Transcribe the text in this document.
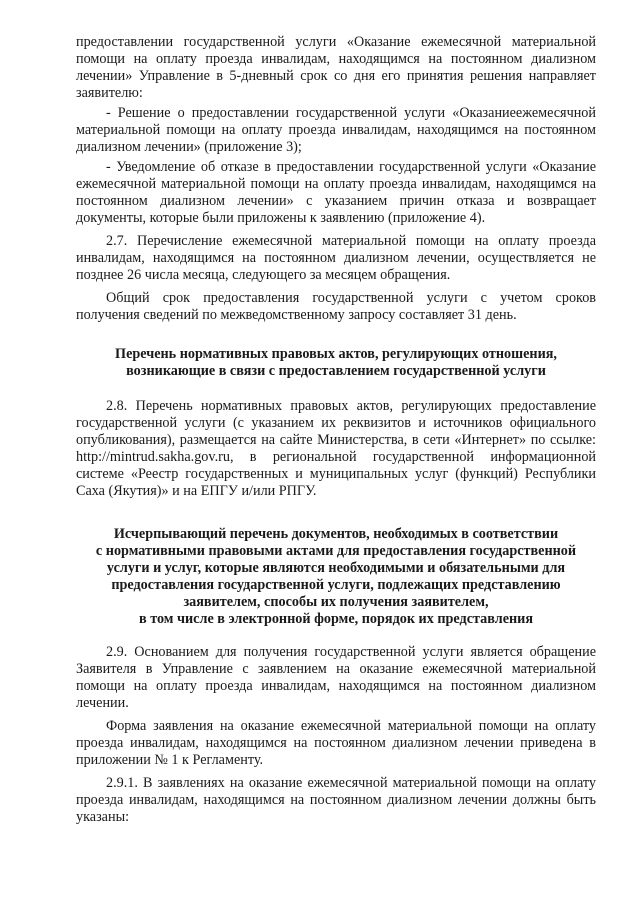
предоставлении государственной услуги «Оказание ежемесячной материальной помощи на оплату проезда инвалидам, находящимся на постоянном диализном лечении» Управление в 5-дневный срок со дня его принятия решения направляет заявителю:

- Решение о предоставлении государственной услуги «Оказаниеежемесячной материальной помощи на оплату проезда инвалидам, находящимся на постоянном диализном лечении» (приложение 3);

- Уведомление об отказе в предоставлении государственной услуги «Оказание ежемесячной материальной помощи на оплату проезда инвалидам, находящимся на постоянном диализном лечении» с указанием причин отказа и возвращает документы, которые были приложены к заявлению (приложение 4).

2.7. Перечисление ежемесячной материальной помощи на оплату проезда инвалидам, находящимся на постоянном диализном лечении, осуществляется не позднее 26 числа месяца, следующего за месяцем обращения.

Общий срок предоставления государственной услуги с учетом сроков получения сведений по межведомственному запросу составляет 31 день.

Перечень нормативных правовых актов, регулирующих отношения,
возникающие в связи с предоставлением государственной услуги

2.8. Перечень нормативных правовых актов, регулирующих предоставление государственной услуги (с указанием их реквизитов и источников официального опубликования), размещается на сайте Министерства, в сети «Интернет» по ссылке: http://mintrud.sakha.gov.ru, в региональной государственной информационной системе «Реестр государственных и муниципальных услуг (функций) Республики Саха (Якутия)» и на ЕПГУ и/или РПГУ.

Исчерпывающий перечень документов, необходимых в соответствии
с нормативными правовыми актами для предоставления государственной
услуги и услуг, которые являются необходимыми и обязательными для
предоставления государственной услуги, подлежащих представлению
заявителем, способы их получения заявителем,
в том числе в электронной форме, порядок их представления

2.9. Основанием для получения государственной услуги является обращение Заявителя в Управление с заявлением на оказание ежемесячной материальной помощи на оплату проезда инвалидам, находящимся на постоянном диализном лечении.

Форма заявления на оказание ежемесячной материальной помощи на оплату проезда инвалидам, находящимся на постоянном диализном лечении приведена в приложении № 1 к Регламенту.

2.9.1. В заявлениях на оказание ежемесячной материальной помощи на оплату проезда инвалидам, находящимся на постоянном диализном лечении должны быть указаны:
